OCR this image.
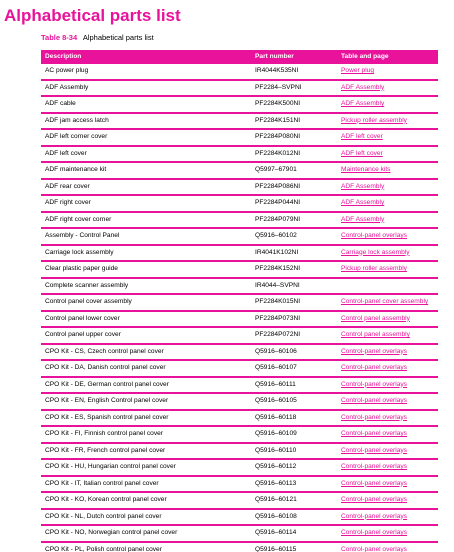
Alphabetical parts list
Table 8-34 Alphabetical parts list
Description	Part number	Table and page
AC power plug	IR4044K535NI	Power plug
ADF Assembly	PF2284–SVPNI	ADF Assembly
ADF cable	PF2284K500NI	ADF Assembly
ADF jam access latch	PF2284K151NI	Pickup roller assembly
ADF left corner cover	PF2284P080NI	ADF left cover
ADF left cover	PF2284K012NI	ADF left cover
ADF maintenance kit	Q5997–67901	Maintenance kits
ADF rear cover	PF2284P086NI	ADF Assembly
ADF right cover	PF2284P044NI	ADF Assembly
ADF right cover corner	PF2284P079NI	ADF Assembly
Assembly - Control Panel	Q5916–60102	Control-panel overlays
Carriage lock assembly	IR4041K102NI	Carriage lock assembly
Clear plastic paper guide	PF2284K152NI	Pickup roller assembly
Complete scanner assembly	IR4044–SVPNI	
Control panel cover assembly	PF2284K015NI	Control-panel cover assembly
Control panel lower cover	PF2284P073NI	Control panel assembly
Control panel upper cover	PF2284P072NI	Control panel assembly
CPO Kit - CS, Czech control panel cover	Q5916–60106	Control-panel overlays
CPO Kit - DA, Danish control panel cover	Q5916–60107	Control-panel overlays
CPO Kit - DE, German control panel cover	Q5916–60111	Control-panel overlays
CPO Kit - EN, English Control panel cover	Q5916–60105	Control-panel overlays
CPO Kit - ES, Spanish control panel cover	Q5916–60118	Control-panel overlays
CPO Kit - FI, Finnish control panel cover	Q5916–60109	Control-panel overlays
CPO Kit - FR, French control panel cover	Q5916–60110	Control-panel overlays
CPO Kit - HU, Hungarian control panel cover	Q5916–60112	Control-panel overlays
CPO Kit - IT, Italian control panel cover	Q5916–60113	Control-panel overlays
CPO Kit - KO, Korean control panel cover	Q5916–60121	Control-panel overlays
CPO Kit - NL, Dutch control panel cover	Q5916–60108	Control-panel overlays
CPO Kit - NO, Norwegian control panel cover	Q5916–60114	Control-panel overlays
CPO Kit - PL, Polish control panel cover	Q5916–60115	Control-panel overlays
